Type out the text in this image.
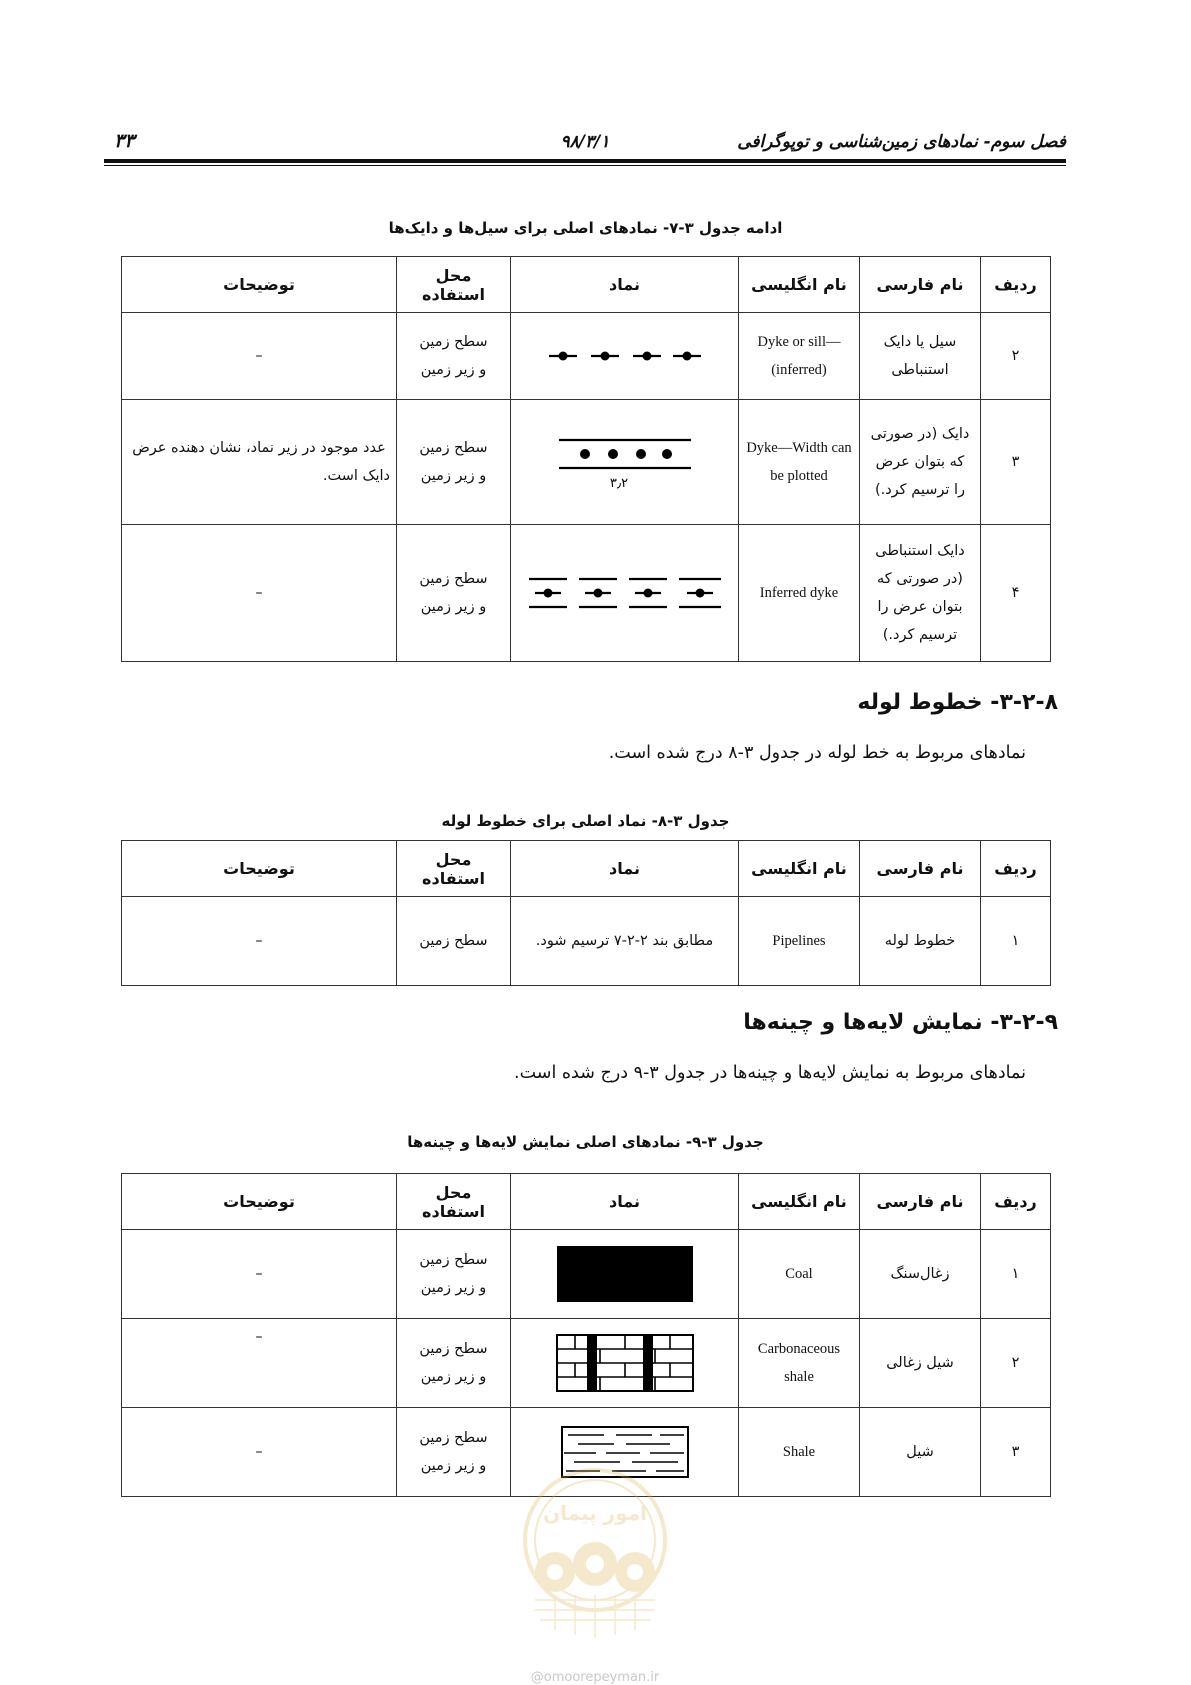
فصل سوم- نمادهای زمین‌شناسی و توپوگرافی
۹۸/۳/۱
۳۳
ادامه جدول ۳-۷- نمادهای اصلی برای سیل‌ها و دایک‌ها
ردیف	نام فارسی	نام انگلیسی	نماد	محل استفاده	توضیحات
۲	سیل یا دایک استنباطی	Dyke or sill—(inferred)		سطح زمین و زیر زمین	–
۳	دایک (در صورتی که بتوان عرض را ترسیم کرد.)	Dyke—Width can be plotted	۳٫۲	سطح زمین و زیر زمین	عدد موجود در زیر نماد، نشان دهنده عرض دایک است.
۴	دایک استنباطی (در صورتی که بتوان عرض را ترسیم کرد.)	Inferred dyke		سطح زمین و زیر زمین	–
۳-۲-۸- خطوط لوله
نمادهای مربوط به خط لوله در جدول ۳-۸ درج شده است.
جدول ۳-۸- نماد اصلی برای خطوط لوله
ردیف	نام فارسی	نام انگلیسی	نماد	محل استفاده	توضیحات
۱	خطوط لوله	Pipelines	مطابق بند ۲-۲-۷ ترسیم شود.	سطح زمین	–
۳-۲-۹- نمایش لایه‌ها و چینه‌ها
نمادهای مربوط به نمایش لایه‌ها و چینه‌ها در جدول ۳-۹ درج شده است.
جدول ۳-۹- نمادهای اصلی نمایش لایه‌ها و چینه‌ها
ردیف	نام فارسی	نام انگلیسی	نماد	محل استفاده	توضیحات
۱	زغال‌سنگ	Coal		سطح زمین و زیر زمین	–
۲	شیل زغالی	Carbonaceous shale		سطح زمین و زیر زمین	–
۳	شیل	Shale		سطح زمین و زیر زمین	–
امور پیمان
@omoorepeyman.ir
